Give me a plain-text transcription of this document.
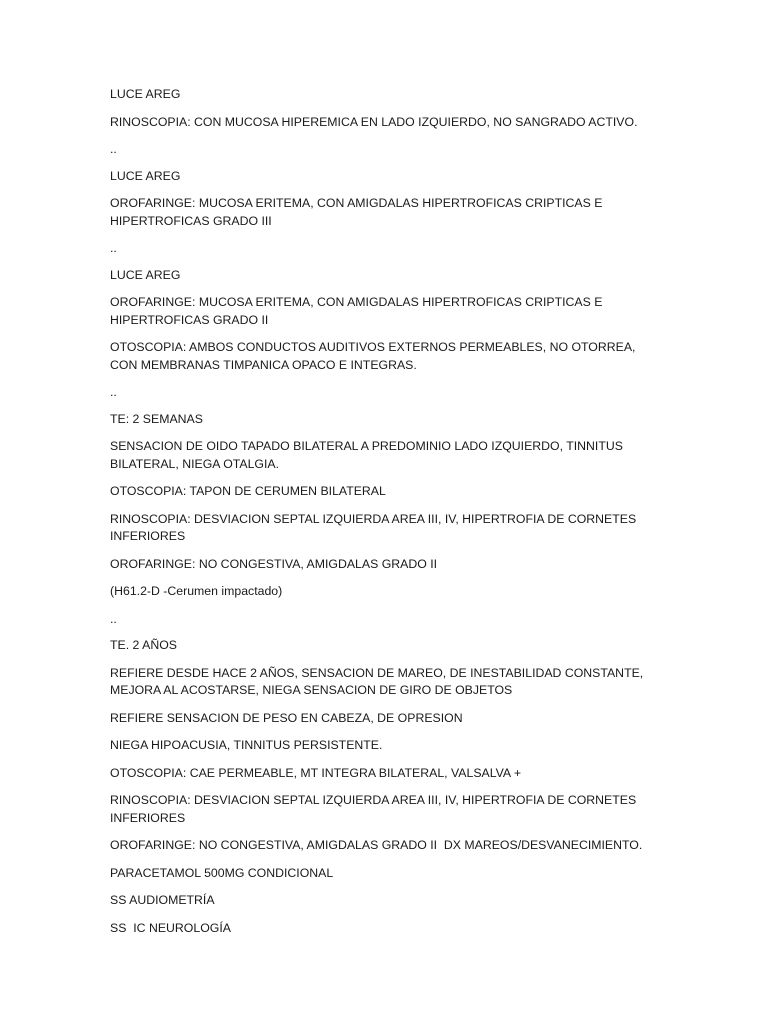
LUCE AREG

RINOSCOPIA: CON MUCOSA HIPEREMICA EN LADO IZQUIERDO, NO SANGRADO ACTIVO.

..

LUCE AREG

OROFARINGE: MUCOSA ERITEMA, CON AMIGDALAS HIPERTROFICAS CRIPTICAS E HIPERTROFICAS GRADO III

..

LUCE AREG

OROFARINGE: MUCOSA ERITEMA, CON AMIGDALAS HIPERTROFICAS CRIPTICAS E HIPERTROFICAS GRADO II

OTOSCOPIA: AMBOS CONDUCTOS AUDITIVOS EXTERNOS PERMEABLES, NO OTORREA, CON MEMBRANAS TIMPANICA OPACO E INTEGRAS.

..

TE: 2 SEMANAS

SENSACION DE OIDO TAPADO BILATERAL A PREDOMINIO LADO IZQUIERDO, TINNITUS BILATERAL, NIEGA OTALGIA.

OTOSCOPIA: TAPON DE CERUMEN BILATERAL

RINOSCOPIA: DESVIACION SEPTAL IZQUIERDA AREA III, IV, HIPERTROFIA DE CORNETES INFERIORES

OROFARINGE: NO CONGESTIVA, AMIGDALAS GRADO II

(H61.2-D -Cerumen impactado)

..

TE. 2 AÑOS

REFIERE DESDE HACE 2 AÑOS, SENSACION DE MAREO, DE INESTABILIDAD CONSTANTE, MEJORA AL ACOSTARSE, NIEGA SENSACION DE GIRO DE OBJETOS

REFIERE SENSACION DE PESO EN CABEZA, DE OPRESION

NIEGA HIPOACUSIA, TINNITUS PERSISTENTE.

OTOSCOPIA: CAE PERMEABLE, MT INTEGRA BILATERAL, VALSALVA +

RINOSCOPIA: DESVIACION SEPTAL IZQUIERDA AREA III, IV, HIPERTROFIA DE CORNETES INFERIORES

OROFARINGE: NO CONGESTIVA, AMIGDALAS GRADO II  DX MAREOS/DESVANECIMIENTO.

PARACETAMOL 500MG CONDICIONAL

SS AUDIOMETRÍA

SS  IC NEUROLOGÍA
